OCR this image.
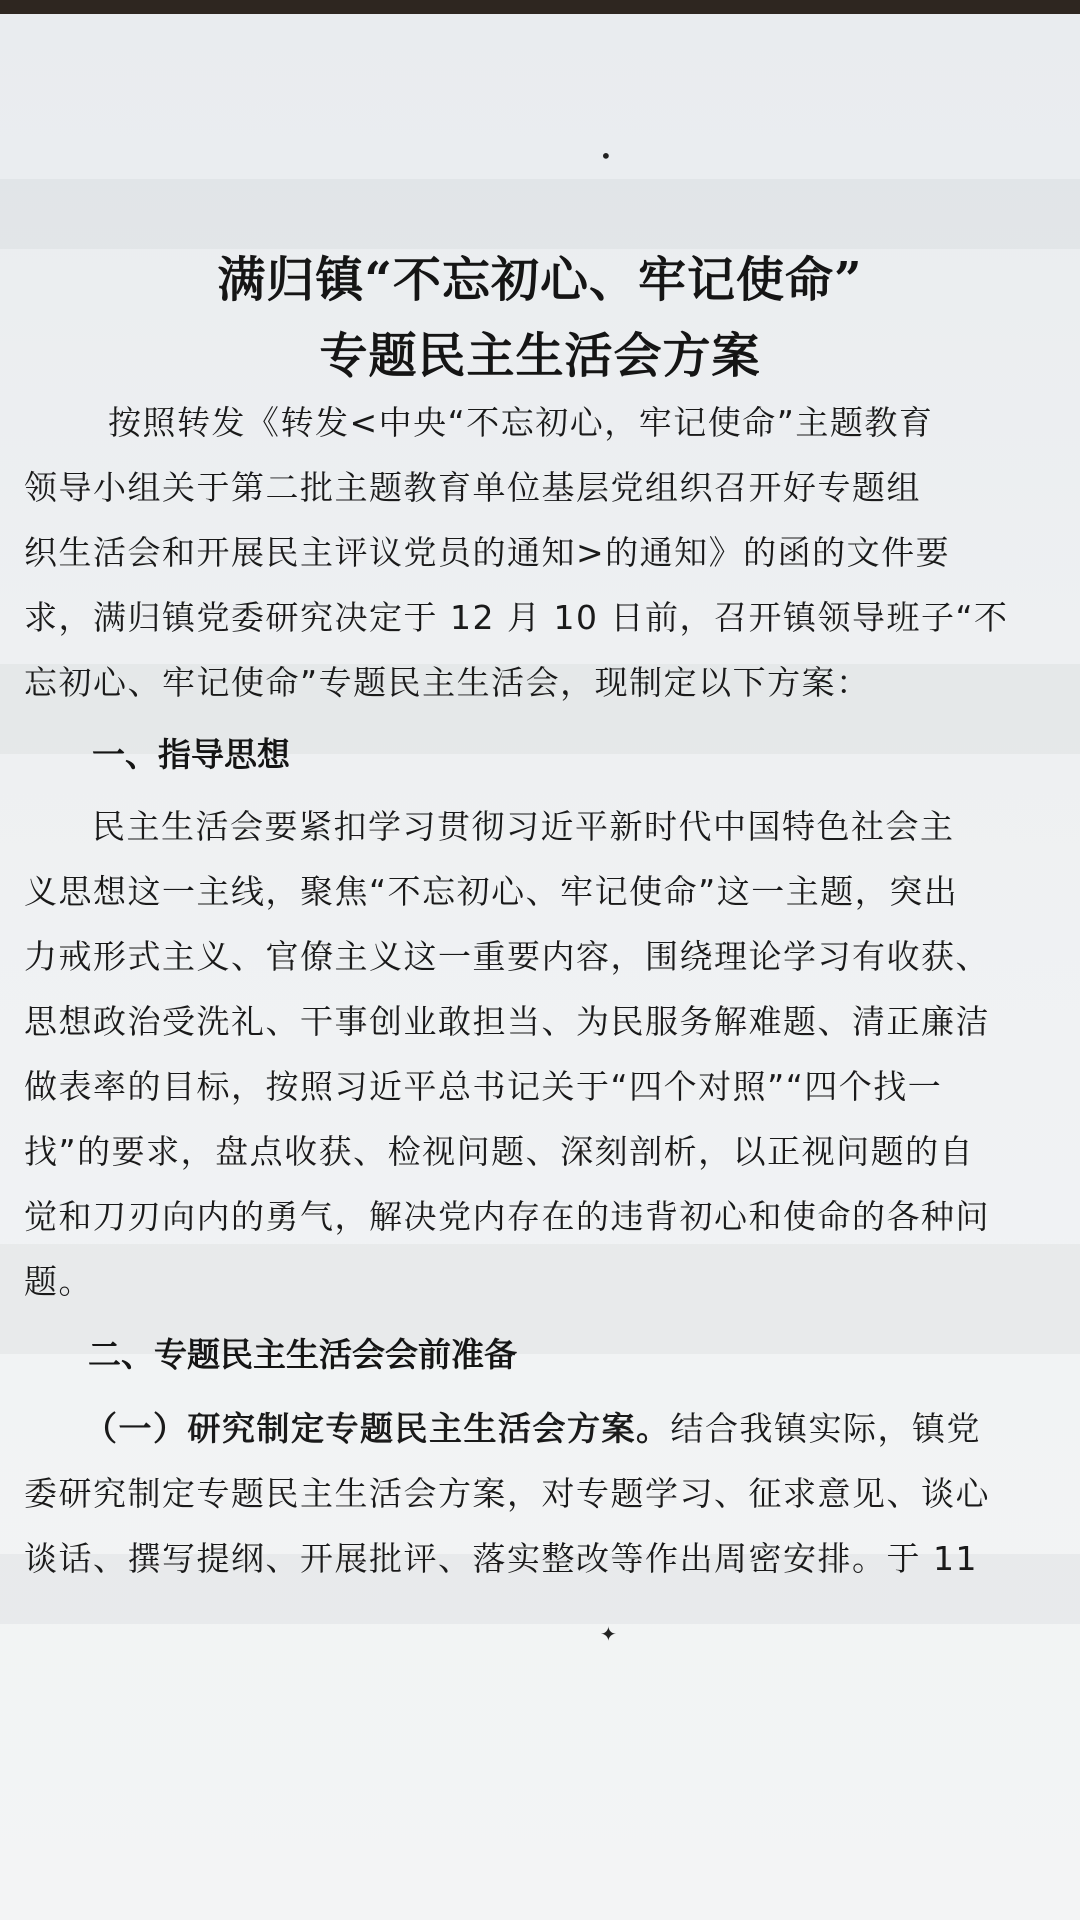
•
✦
满归镇“不忘初心、牢记使命”
专题民主生活会方案

按照转发《转发<中央“不忘初心，牢记使命”主题教育

领导小组关于第二批主题教育单位基层党组织召开好专题组

织生活会和开展民主评议党员的通知>的通知》的函的文件要

求，满归镇党委研究决定于 12 月 10 日前，召开镇领导班子“不

忘初心、牢记使命”专题民主生活会，现制定以下方案：

一、指导思想

民主生活会要紧扣学习贯彻习近平新时代中国特色社会主

义思想这一主线，聚焦“不忘初心、牢记使命”这一主题，突出

力戒形式主义、官僚主义这一重要内容，围绕理论学习有收获、

思想政治受洗礼、干事创业敢担当、为民服务解难题、清正廉洁

做表率的目标，按照习近平总书记关于“四个对照”“四个找一

找”的要求，盘点收获、检视问题、深刻剖析，以正视问题的自

觉和刀刃向内的勇气，解决党内存在的违背初心和使命的各种问

题。

二、专题民主生活会会前准备

（一）研究制定专题民主生活会方案。结合我镇实际，镇党

委研究制定专题民主生活会方案，对专题学习、征求意见、谈心

谈话、撰写提纲、开展批评、落实整改等作出周密安排。于 11
